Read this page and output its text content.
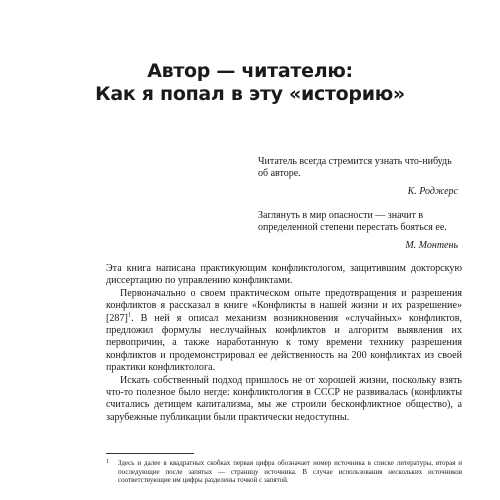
Автор — читателю:
Как я попал в эту «историю»

Читатель всегда стремится узнать что-нибудь об авторе.

К. Роджерс

Заглянуть в мир опасности — значит в определенной степени перестать бояться ее.

М. Монтень

Эта книга написана практикующим конфликтологом, защитившим докторскую диссертацию по управлению конфликтами.

Первоначально о своем практическом опыте предотвращения и разрешения конфликтов я рассказал в книге «Конфликты в нашей жизни и их разрешение» $[287]^1$. В ней я описал механизм возникновения «случайных» конфликтов, предложил формулы неслучайных конфликтов и алгоритм выявления их первопричин, а также наработанную к тому времени технику разрешения конфликтов и продемонстрировал ее действенность на 200 конфликтах из своей практики конфликтолога.

Искать собственный подход пришлось не от хорошей жизни, поскольку взять что-то полезное было негде: конфликтология в СССР не развивалась (конфликты считались детищем капитализма, мы же строили бесконфликтное общество), а зарубежные публикации были практически недоступны.

1	Здесь и далее в квадратных скобках первая цифра обозначает номер источника в списке литературы, вторая и последующие после запятых — страницу источника. В случае использования нескольких источников соответствующие им цифры разделены точкой с запятой.
